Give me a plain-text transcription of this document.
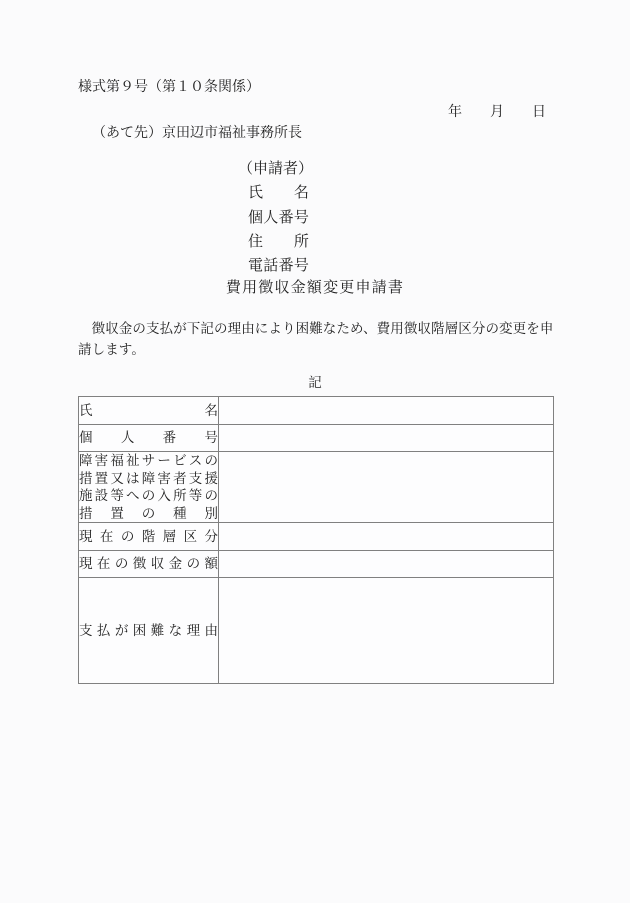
様式第９号（第１０条関係）
年　　月　　日
（あて先）京田辺市福祉事務所長
（申請者）
氏　　名
個人番号
住　　所
電話番号
費用徴収金額変更申請書
　徴収金の支払が下記の理由により困難なため、費用徴収階層区分の変更を申
請します。
記
氏名	

個人番号	

障害福祉サービスの
措置又は障害者支援
施設等への入所等の
措置の種別	

現在の階層区分	

現在の徴収金の額	

支払が困難な理由	
